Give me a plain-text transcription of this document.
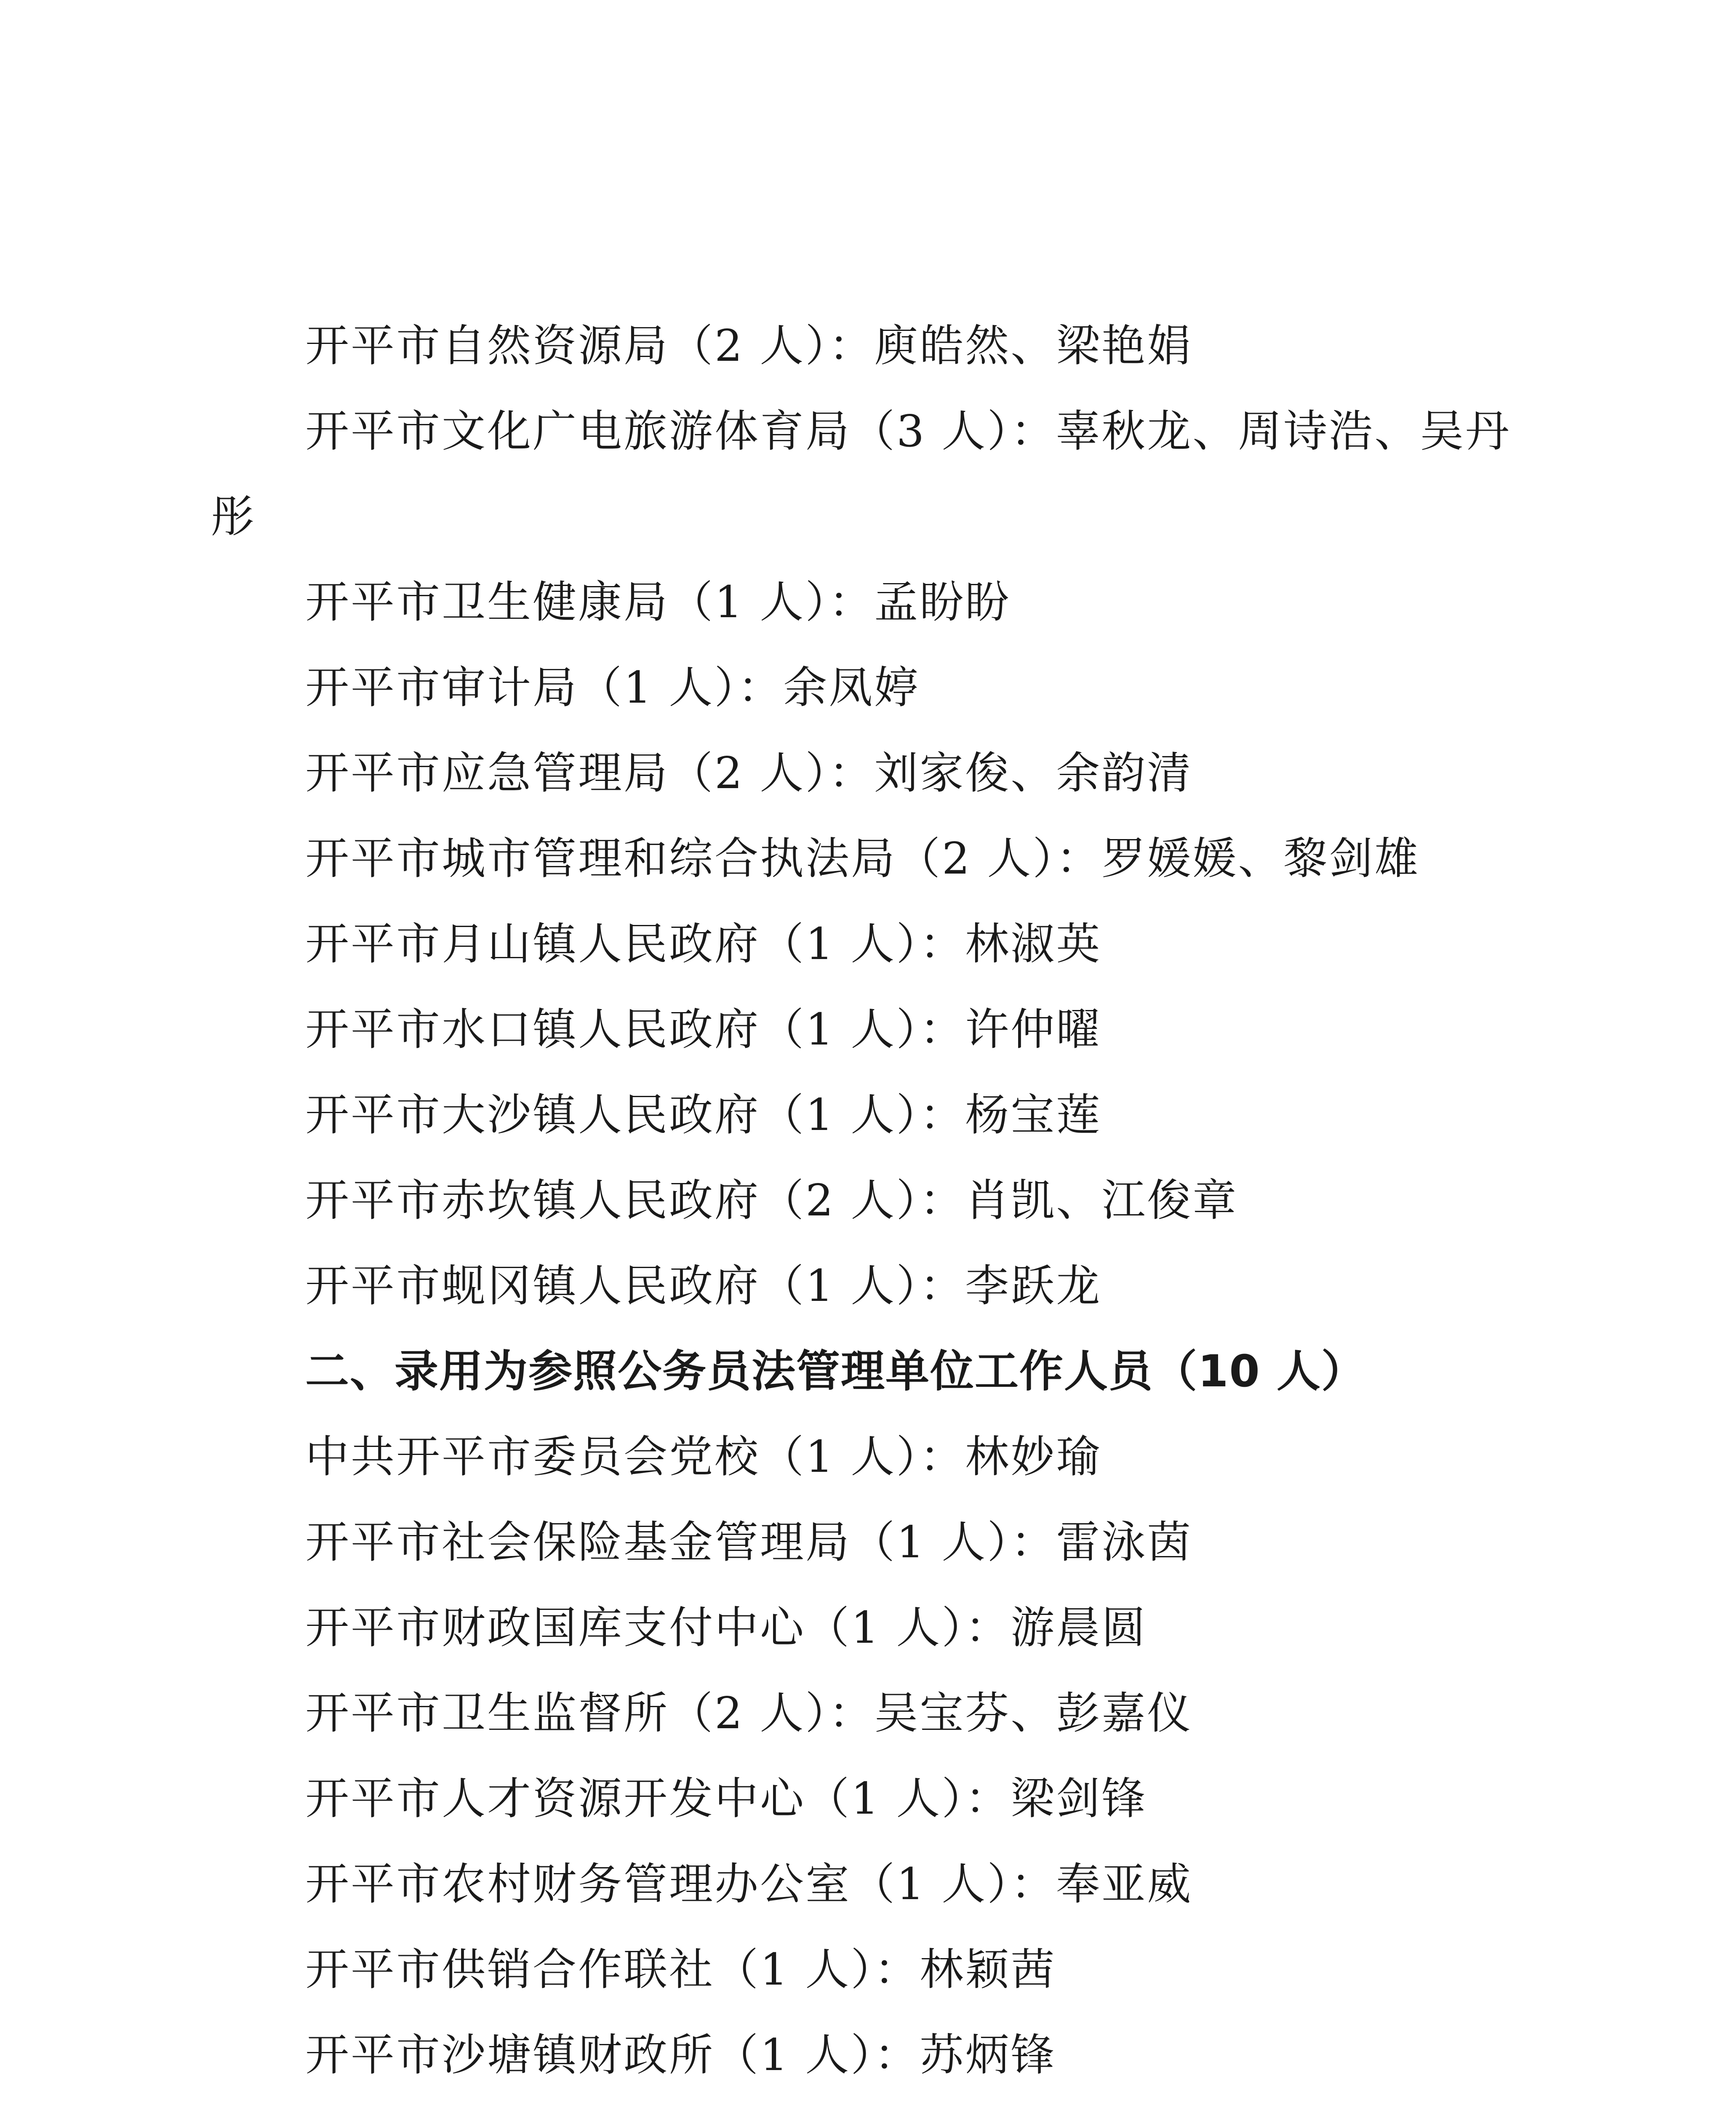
开平市自然资源局（2 人）：庾皓然、梁艳娟
开平市文化广电旅游体育局（3 人）：辜秋龙、周诗浩、吴丹
彤
开平市卫生健康局（1 人）：孟盼盼
开平市审计局（1 人）：余凤婷
开平市应急管理局（2 人）：刘家俊、余韵清
开平市城市管理和综合执法局（2 人）：罗媛媛、黎剑雄
开平市月山镇人民政府（1 人）：林淑英
开平市水口镇人民政府（1 人）：许仲曜
开平市大沙镇人民政府（1 人）：杨宝莲
开平市赤坎镇人民政府（2 人）：肖凯、江俊章
开平市蚬冈镇人民政府（1 人）：李跃龙
二、录用为参照公务员法管理单位工作人员（10 人）
中共开平市委员会党校（1 人）：林妙瑜
开平市社会保险基金管理局（1 人）：雷泳茵
开平市财政国库支付中心（1 人）：游晨圆
开平市卫生监督所（2 人）：吴宝芬、彭嘉仪
开平市人才资源开发中心（1 人）：梁剑锋
开平市农村财务管理办公室（1 人）：奉亚威
开平市供销合作联社（1 人）：林颖茜
开平市沙塘镇财政所（1 人）：苏炳锋
